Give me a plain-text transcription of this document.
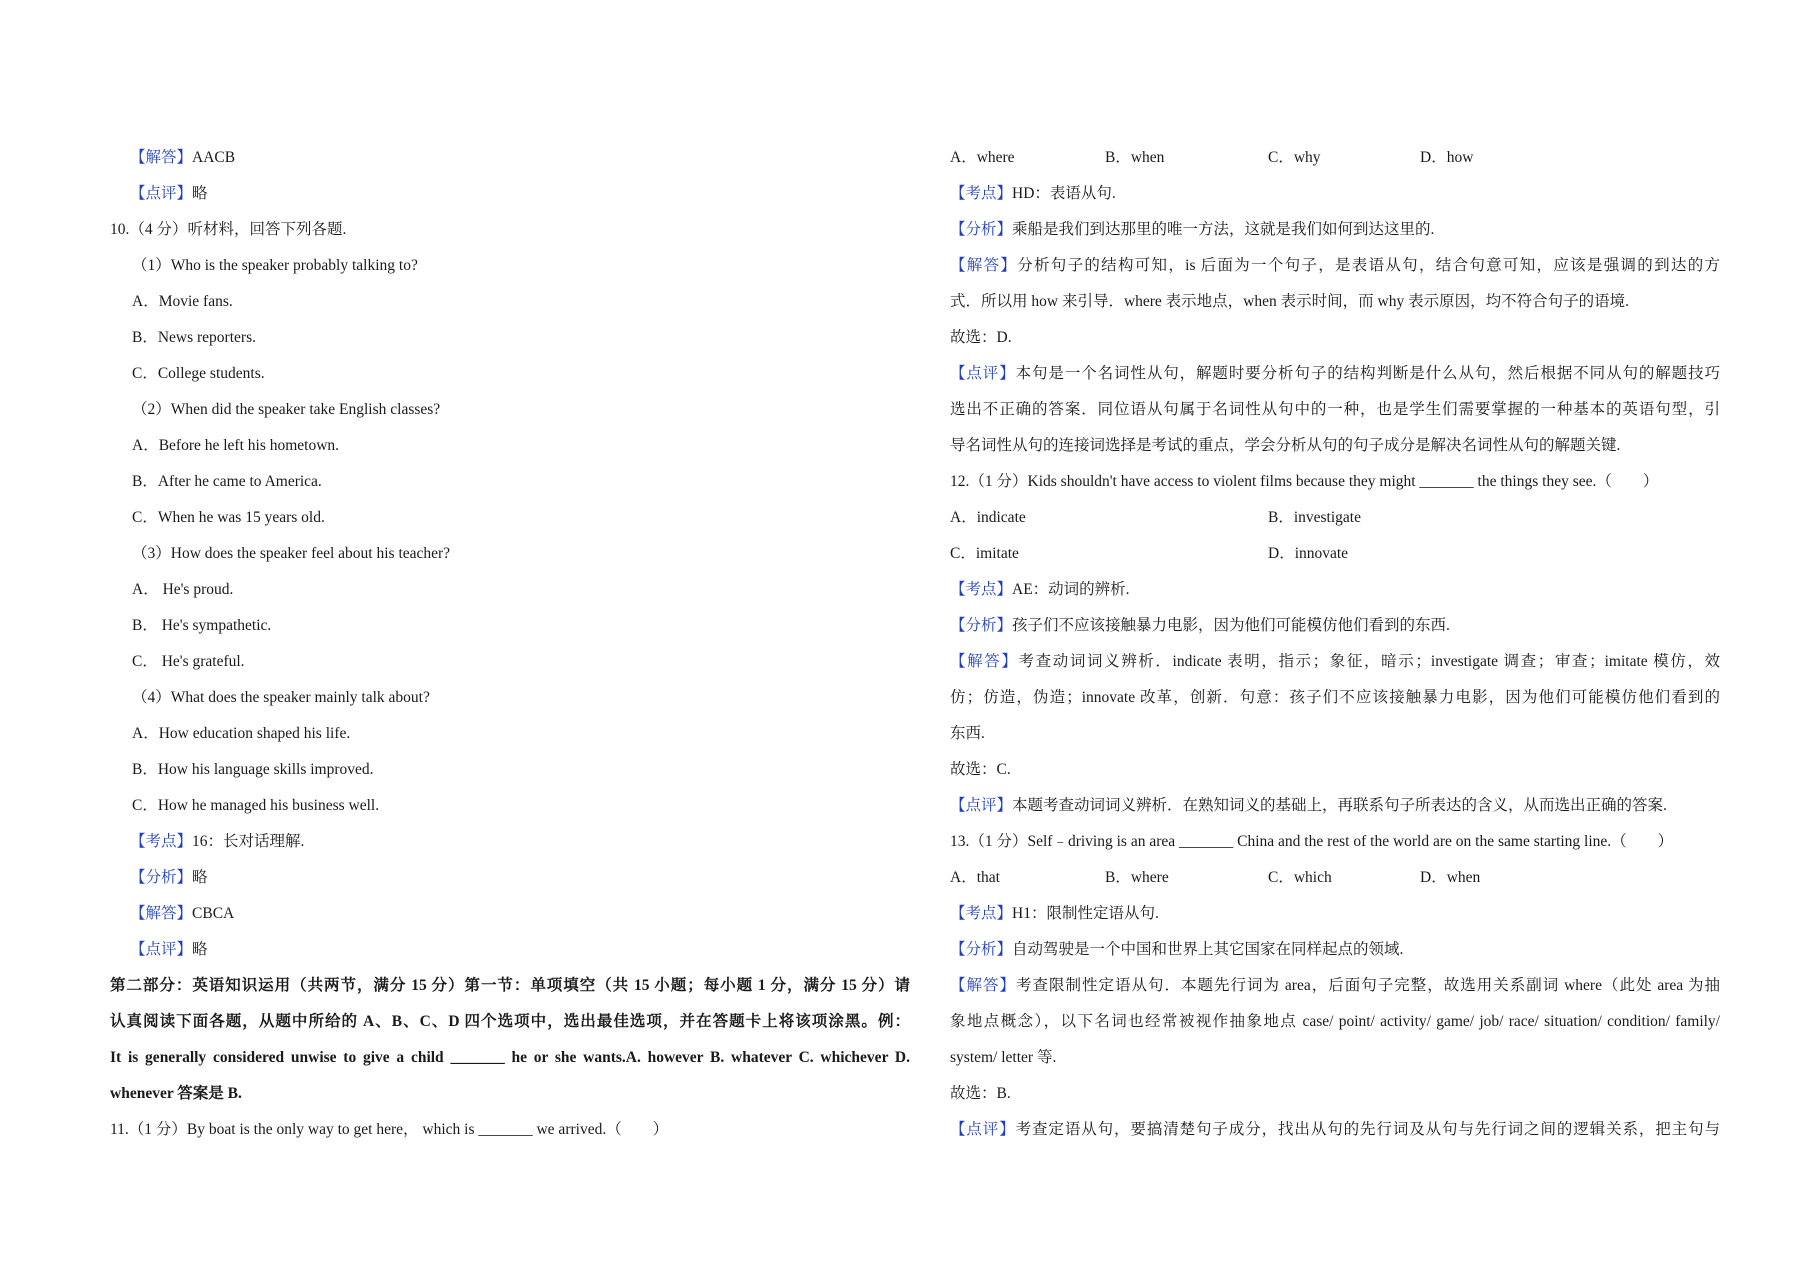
【解答】AACB
【点评】略
10.（4 分）听材料，回答下列各题.
（1）Who is the speaker probably talking to?
A．Movie fans.
B．News reporters.
C．College students.
（2）When did the speaker take English classes?
A．Before he left his hometown.
B．After he came to America.
C．When he was 15 years old.
（3）How does the speaker feel about his teacher?
A． He's proud.
B． He's sympathetic.
C． He's grateful.
（4）What does the speaker mainly talk about?
A．How education shaped his life.
B．How his language skills improved.
C．How he managed his business well.
【考点】16：长对话理解.
【分析】略
【解答】CBCA
【点评】略
第二部分：英语知识运用（共两节，满分 15 分）第一节：单项填空（共 15 小题；每小题 1 分，满分 15 分）请
认真阅读下面各题，从题中所给的 A、B、C、D 四个选项中，选出最佳选项，并在答题卡上将该项涂黑。例：
It is generally considered unwise to give a child _______ he or she wants.A. however B. whatever C. whichever D.
whenever 答案是 B.
11.（1 分）By boat is the only way to get here， which is _______ we arrived.（　　）
A．where	B．when	C．why	D．how
【考点】HD：表语从句.
【分析】乘船是我们到达那里的唯一方法，这就是我们如何到达这里的.
【解答】分析句子的结构可知，is 后面为一个句子，是表语从句，结合句意可知，应该是强调的到达的方
式．所以用 how 来引导．where 表示地点，when 表示时间，而 why 表示原因，均不符合句子的语境.
故选：D.
【点评】本句是一个名词性从句，解题时要分析句子的结构判断是什么从句，然后根据不同从句的解题技巧
选出不正确的答案．同位语从句属于名词性从句中的一种，也是学生们需要掌握的一种基本的英语句型，引
导名词性从句的连接词选择是考试的重点，学会分析从句的句子成分是解决名词性从句的解题关键.
12.（1 分）Kids shouldn't have access to violent films because they might _______ the things they see.（　　）
A．indicate	B．investigate
C．imitate	D．innovate
【考点】AE：动词的辨析.
【分析】孩子们不应该接触暴力电影，因为他们可能模仿他们看到的东西.
【解答】考查动词词义辨析．indicate 表明，指示；象征，暗示；investigate 调查；审查；imitate 模仿，效
仿；仿造，伪造；innovate 改革，创新．句意：孩子们不应该接触暴力电影，因为他们可能模仿他们看到的
东西.
故选：C.
【点评】本题考查动词词义辨析．在熟知词义的基础上，再联系句子所表达的含义，从而选出正确的答案.
13.（1 分）Self﹣driving is an area _______ China and the rest of the world are on the same starting line.（　　）
A．that	B．where	C．which	D．when
【考点】H1：限制性定语从句.
【分析】自动驾驶是一个中国和世界上其它国家在同样起点的领域.
【解答】考查限制性定语从句．本题先行词为 area，后面句子完整，故选用关系副词 where（此处 area 为抽
象地点概念），以下名词也经常被视作抽象地点 case/ point/ activity/ game/ job/ race/ situation/ condition/ family/
system/ letter 等.
故选：B.
【点评】考查定语从句，要搞清楚句子成分，找出从句的先行词及从句与先行词之间的逻辑关系，把主句与
